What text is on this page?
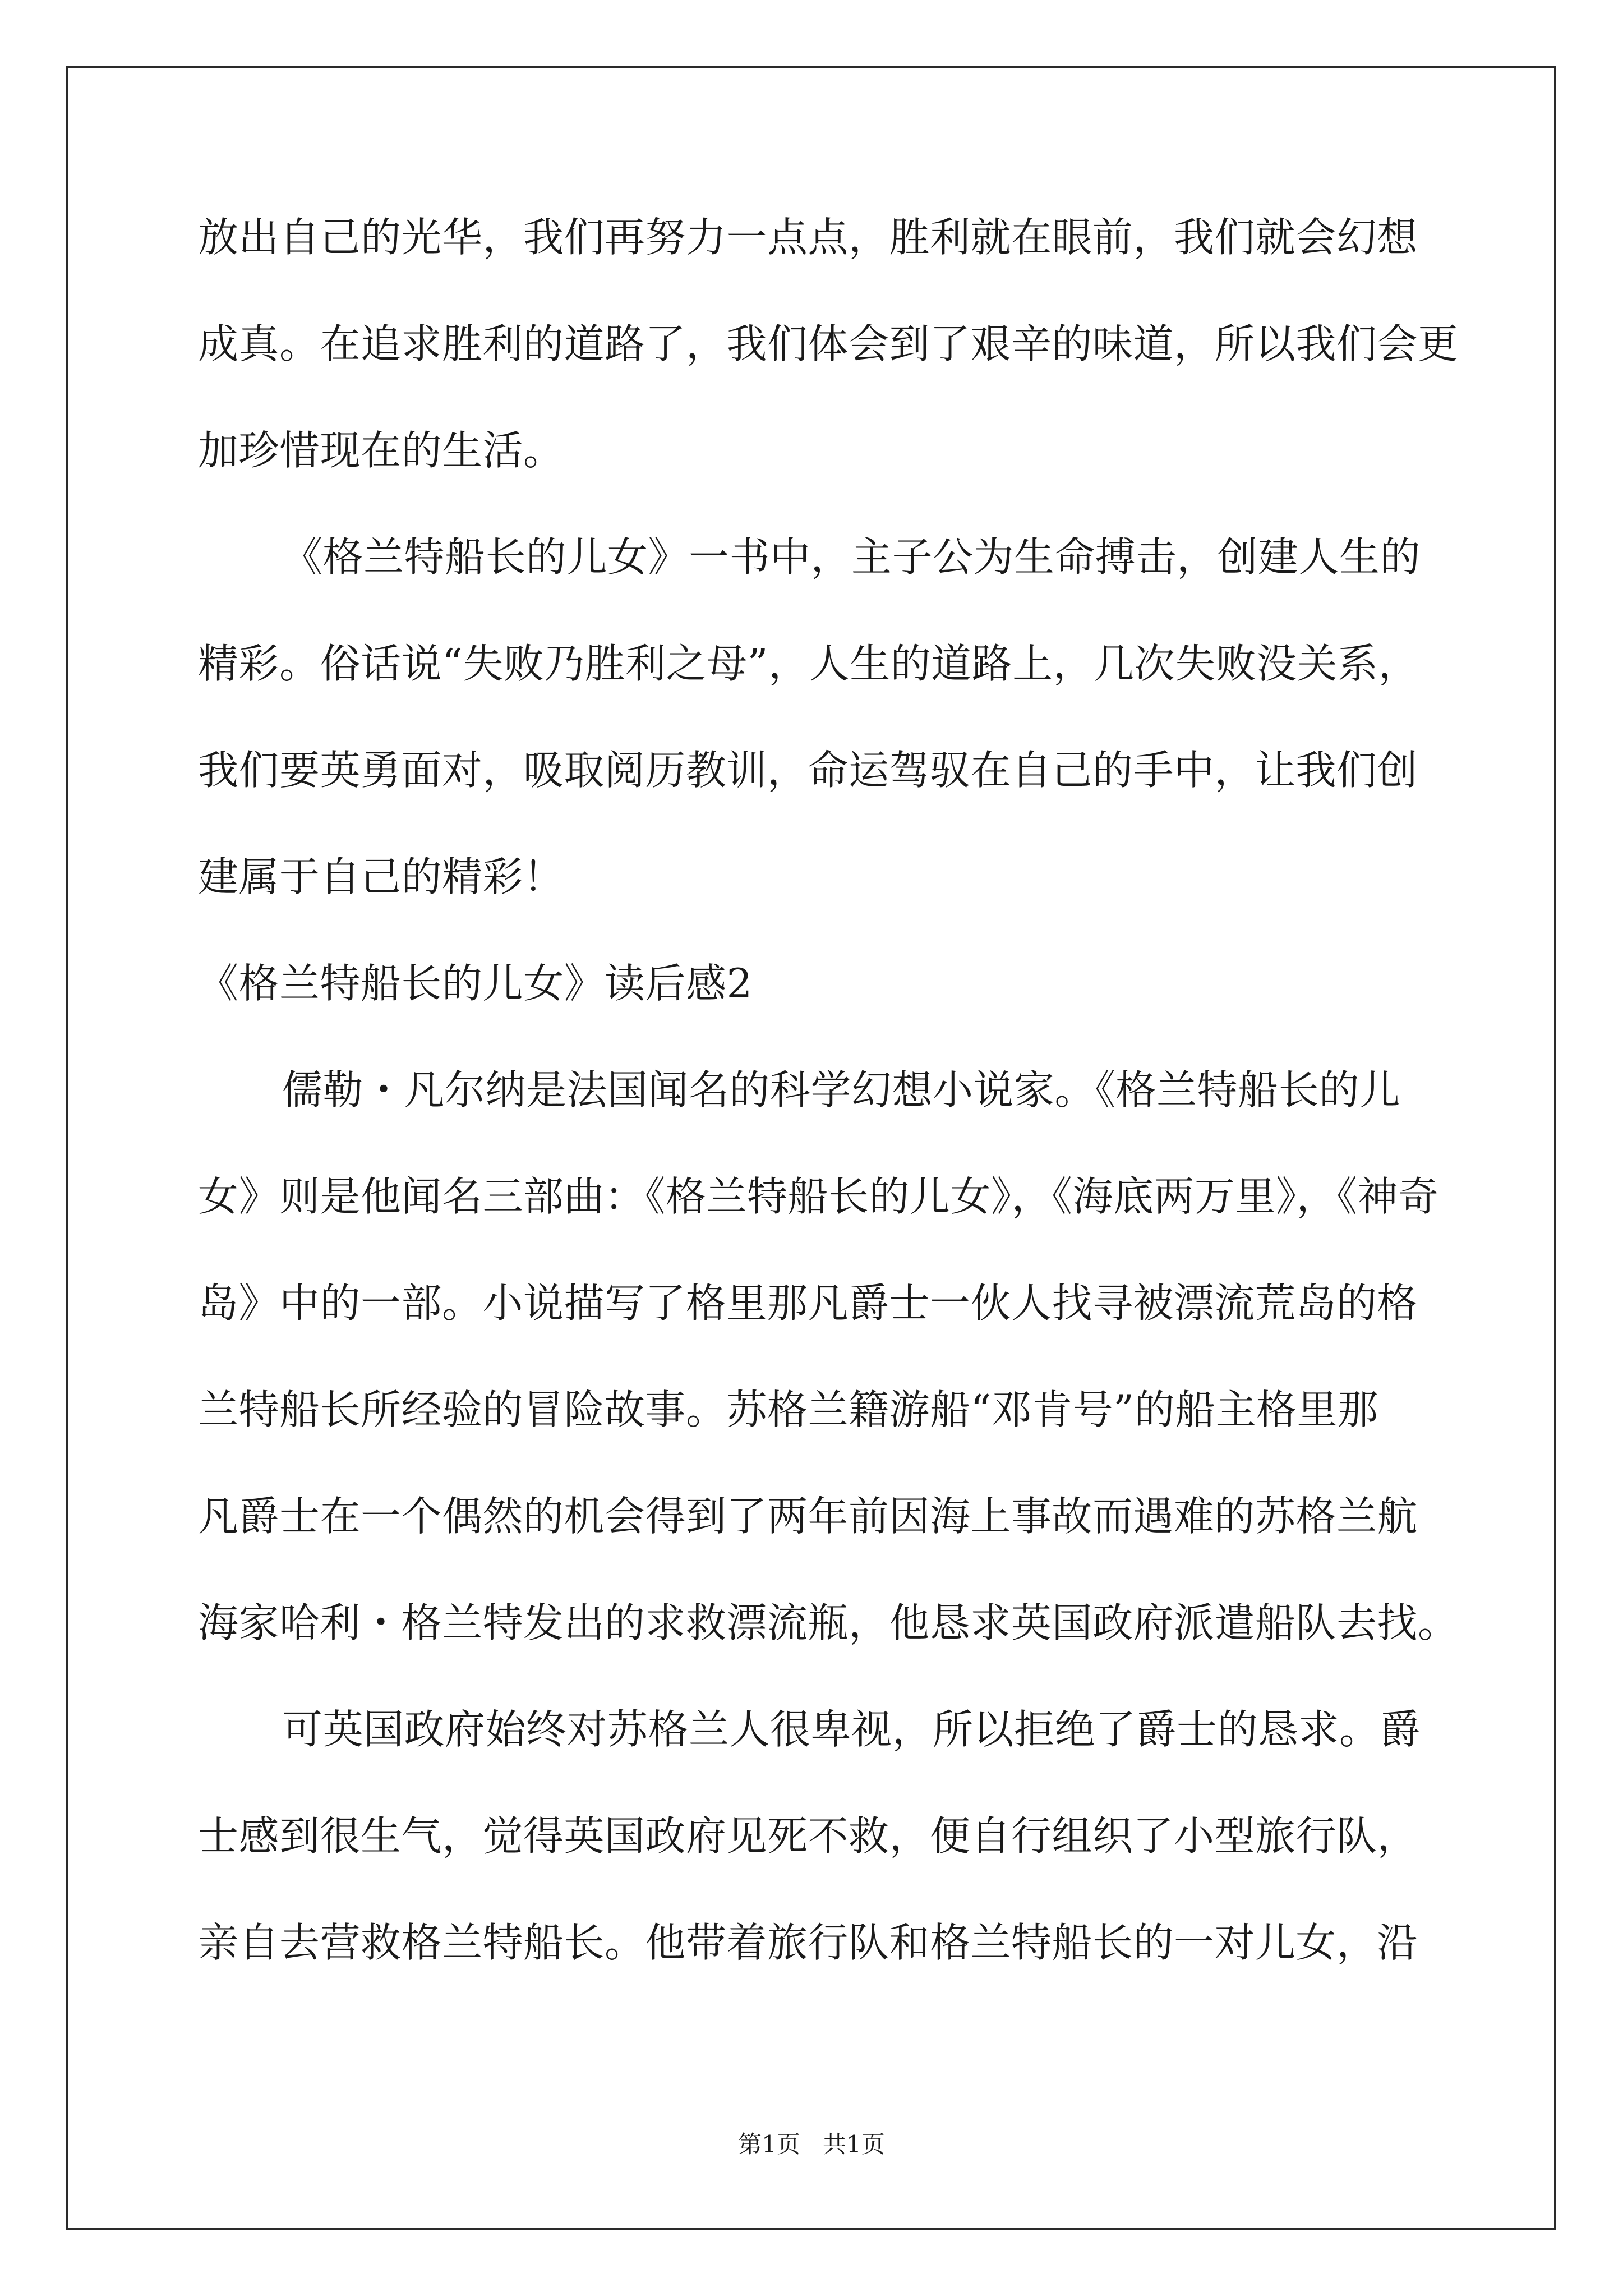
放出自己的光华，我们再努力一点点，胜利就在眼前，我们就会幻想
成真。在追求胜利的道路了，我们体会到了艰辛的味道，所以我们会更
加珍惜现在的生活。
《格兰特船长的儿女》一书中，主子公为生命搏击，创建人生的
精彩。俗话说“失败乃胜利之母”，人生的道路上，几次失败没关系，
我们要英勇面对，吸取阅历教训，命运驾驭在自己的手中，让我们创
建属于自己的精彩！
《格兰特船长的儿女》读后感2
儒勒・凡尔纳是法国闻名的科学幻想小说家。《格兰特船长的儿
女》则是他闻名三部曲：《格兰特船长的儿女》，《海底两万里》，《神奇
岛》中的一部。小说描写了格里那凡爵士一伙人找寻被漂流荒岛的格
兰特船长所经验的冒险故事。苏格兰籍游船“邓肯号”的船主格里那
凡爵士在一个偶然的机会得到了两年前因海上事故而遇难的苏格兰航
海家哈利・格兰特发出的求救漂流瓶，他恳求英国政府派遣船队去找。
可英国政府始终对苏格兰人很卑视，所以拒绝了爵士的恳求。爵
士感到很生气，觉得英国政府见死不救，便自行组织了小型旅行队，
亲自去营救格兰特船长。他带着旅行队和格兰特船长的一对儿女，沿
第1页   共1页
